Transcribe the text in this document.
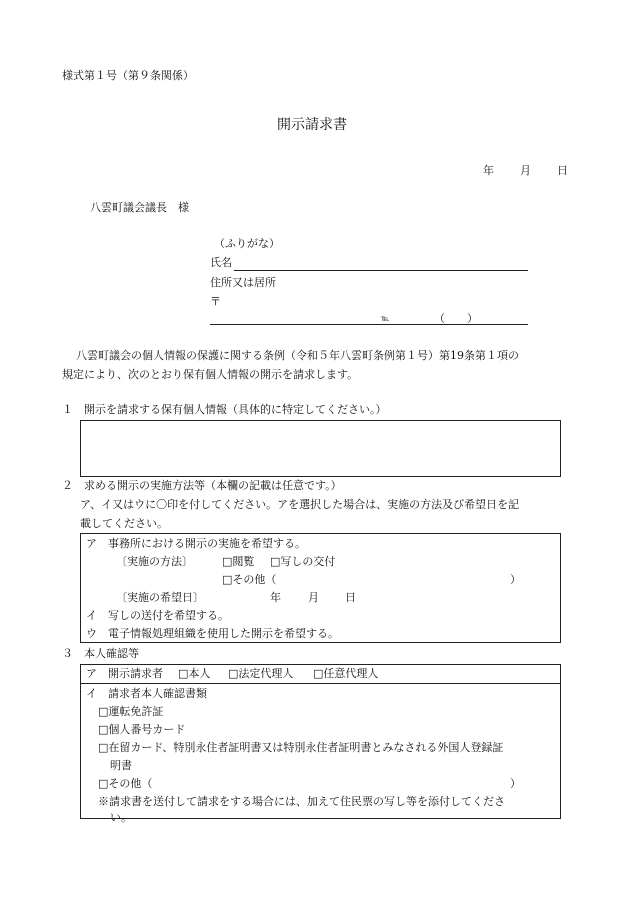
様式第１号（第９条関係）
開示請求書
年 月 日
八雲町議会議長　様
（ふりがな）
氏名
住所又は居所
〒
℡	（　　）
八雲町議会の個人情報の保護に関する条例（令和５年八雲町条例第１号）第19条第１項の
規定により、次のとおり保有個人情報の開示を請求します。
１　開示を請求する保有個人情報（具体的に特定してください。）
２　求める開示の実施方法等（本欄の記載は任意です。）
ア、イ又はウに〇印を付してください。アを選択した場合は、実施の方法及び希望日を記
載してください。
ア　事務所における開示の実施を希望する。
〔実施の方法〕	□閲覧 □写しの交付
□その他（	）
〔実施の希望日〕	年 月 日
イ　写しの送付を希望する。
ウ　電子情報処理組織を使用した開示を希望する。
３　本人確認等
ア　開示請求者 □本人 □法定代理人 □任意代理人
イ　請求者本人確認書類
□運転免許証
□個人番号カード
□在留カード、特別永住者証明書又は特別永住者証明書とみなされる外国人登録証
明書
□その他（	）
※請求書を送付して請求をする場合には、加えて住民票の写し等を添付してくださ
い。
